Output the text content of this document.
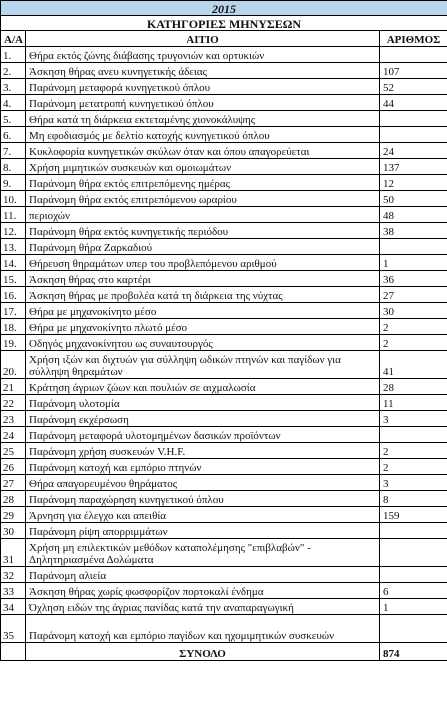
2015		
ΚΑΤΗΓΟΡΙΕΣ ΜΗΝΥΣΕΩΝ		
Α/Α	ΑΙΤΙΟ	ΑΡΙΘΜΟΣ
1.	Θήρα εκτός ζώνης διάβασης τρυγονιών και ορτυκιών	
2.	Άσκηση θήρας ανευ κυνηγετικής άδειας	107
3.	Παράνομη μεταφορά κυνηγετικού όπλου	52
4.	Παράνομη μετατροπή κυνηγετικού όπλου	44
5.	Θήρα κατά τη διάρκεια εκτεταμένης χιονοκάλυψης	
6.	Μη εφοδιασμός με δελτίο κατοχής κυνηγετικού όπλου	
7.	Κυκλοφορία κυνηγετικών σκύλων όταν και όπου απαγορεύεται	24
8.	Χρήση μιμητικών συσκευών και ομοιωμάτων	137
9.	Παράνομη θήρα εκτός επιτρεπόμενης ημέρας	12
10.	Παράνομη θήρα εκτός επιτρεπόμενου ωραρίου	50
11.	περιοχών	48
12.	Παράνομη θήρα εκτός κυνηγετικής περιόδου	38
13.	Παράνομη θήρα Ζαρκαδιού	
14.	Θήρευση θηραμάτων υπερ του προβλεπόμενου αριθμού	1
15.	Άσκηση θήρας στο καρτέρι	36
16.	Άσκηση θήρας με προβολέα κατά τη διάρκεια της νύχτας	27
17.	Θήρα με μηχανοκίνητο μέσο	30
18.	Θήρα με μηχανοκίνητο πλωτό μέσο	2
19.	Οδηγός μηχανοκίνητου ως συναυτουργός	2
20.	Χρήση ιξών και διχτυών για σύλληψη ωδικών πτηνών και παγίδων για σύλληψη θηραμάτων	41
21	Κράτηση άγριων ζώων και πουλιών σε αιχμαλωσία	28
22	Παράνομη υλοτομία	11
23	Παράνομη εκχέρσωση	3
24	Παράνομη μεταφορά υλοτομημένων δασικών προϊόντων	
25	Παράνομη χρήση συσκευών V.H.F.	2
26	Παράνομη κατοχή και εμπόριο πτηνών	2
27	Θήρα απαγορευμένου θηράματος	3
28	Παράνομη παραχώρηση κυνηγετικού όπλου	8
29	Άρνηση για έλεγχο και απειθία	159
30	Παράνομη ρίψη απορριμμάτων	
31	Χρήση μη επιλεκτικών μεθόδων καταπολέμησης "επιβλαβών" - Δηλητηριασμένα Δολώματα	
32	Παράνομη αλιεία	
33	Άσκηση θήρας χωρίς φωσφορίζον πορτοκαλί ένδημα	6
34	Όχληση ειδών της άγριας πανίδας κατά την αναπαραγωγική	1
35	Παράνομη κατοχή και εμπόριο παγίδων και ηχομιμητικών συσκευών	
	ΣΥΝΟΛΟ	874
